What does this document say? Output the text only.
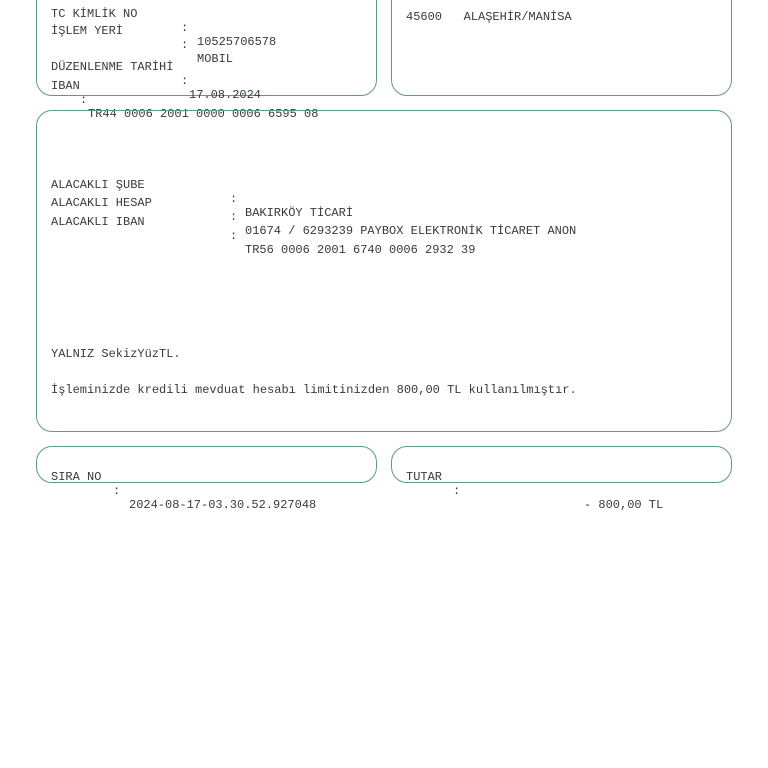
TC KİMLİK NO

:

10525706578

İŞLEM YERİ

:

MOBIL

DÜZENLENME TARİHİ

:

17.08.2024

IBAN

:

TR44 0006 2001 0000 0006 6595 08

45600   ALAŞEHİR/MANİSA

ALACAKLI ŞUBE

:

BAKIRKÖY TİCARİ

ALACAKLI HESAP

:

01674 / 6293239 PAYBOX ELEKTRONİK TİCARET ANON

ALACAKLI IBAN

:

TR56 0006 2001 6740 0006 2932 39

YALNIZ SekizYüzTL.
İşleminizde kredili mevduat hesabı limitinizden 800,00 TL kullanılmıştır.

SIRA NO

:

2024-08-17-03.30.52.927048

TUTAR

:

- 800,00 TL
